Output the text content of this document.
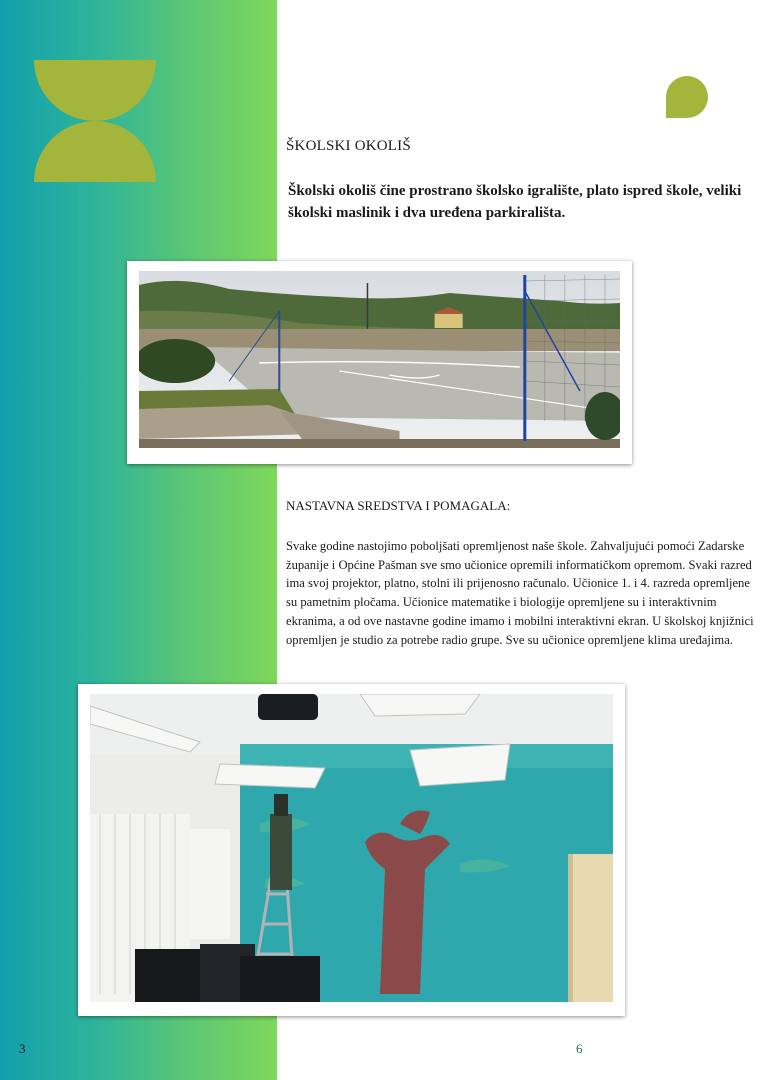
ŠKOLSKI OKOLIŠ

Školski okoliš čine prostrano školsko igralište, plato ispred škole, veliki školski maslinik i dva uređena parkirališta.

NASTAVNA SREDSTVA I POMAGALA:

Svake godine nastojimo poboljšati opremljenost naše škole. Zahvaljujući pomoći Zadarske županije i Općine Pašman sve smo učionice opremili informatičkom opremom. Svaki razred ima svoj projektor, platno, stolni ili prijenosno računalo. Učionice 1. i 4. razreda opremljene su pametnim pločama. Učionice matematike i biologije opremljene su i interaktivnim ekranima, a od ove nastavne godine imamo i mobilni interaktivni ekran. U školskoj knjižnici opremljen je studio za potrebe radio grupe. Sve su učionice opremljene klima uređajima.

3	6
